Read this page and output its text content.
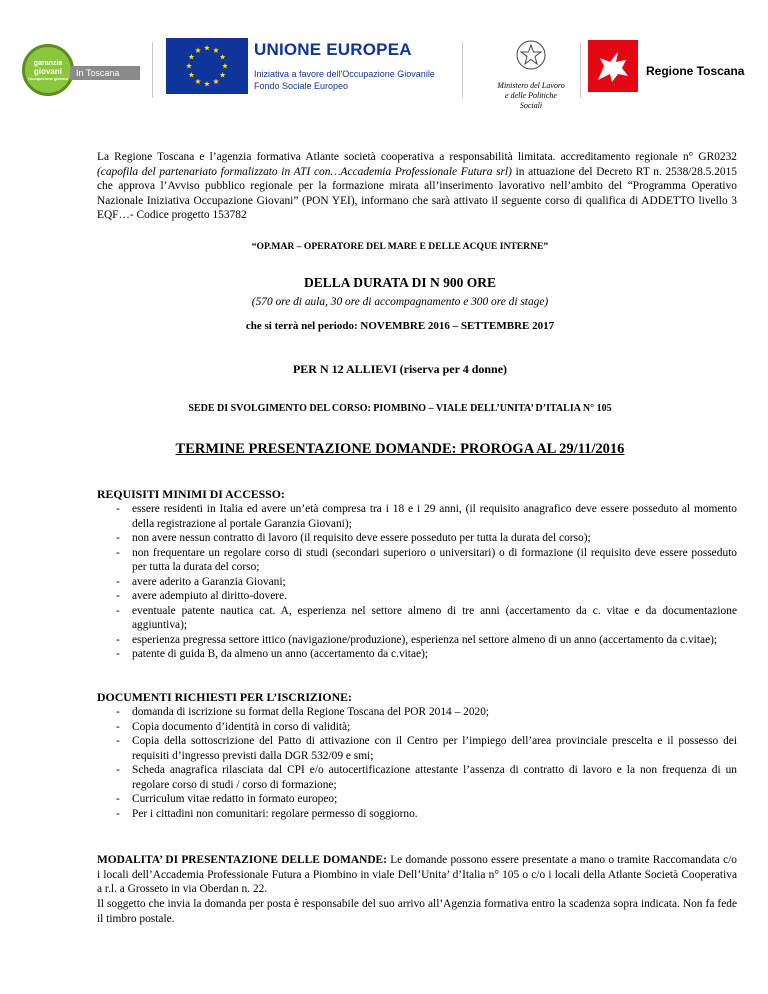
garanzia
giovani
Occupazione giovani In Toscana
UNIONE EUROPEA
Iniziativa a favore dell'Occupazione Giovanile
Fondo Sociale Europeo	Ministero del Lavoro
e delle Politiche Sociali
Regione Toscana
La Regione Toscana e l’agenzia formativa Atlante società cooperativa a responsabilità limitata. accreditamento regionale n° GR0232 (capofila del partenariato formalizzato in ATI con…Accademia Professionale Futura srl) in attuazione del Decreto RT n. 2538/28.5.2015 che approva l’Avviso pubblico regionale per la formazione mirata all’inserimento lavorativo nell’ambito del “Programma Operativo Nazionale Iniziativa Occupazione Giovani” (PON YEI), informano che sarà attivato il seguente corso di qualifica di ADDETTO livello 3 EQF…- Codice progetto 153782
“OP.MAR – OPERATORE DEL MARE E DELLE ACQUE INTERNE”
DELLA DURATA DI N 900 ORE
(570 ore di aula, 30 ore di accompagnamento e 300 ore di stage)
che si terrà nel periodo: NOVEMBRE 2016 – SETTEMBRE 2017
PER N 12 ALLIEVI (riserva per 4 donne)
SEDE DI SVOLGIMENTO DEL CORSO: PIOMBINO – VIALE DELL’UNITA’ D’ITALIA N° 105
TERMINE PRESENTAZIONE DOMANDE: PROROGA AL 29/11/2016
REQUISITI MINIMI DI ACCESSO:
- essere residenti in Italia ed avere un’età compresa tra i 18 e i 29 anni, (il requisito anagrafico deve essere posseduto al momento della registrazione al portale Garanzia Giovani);
- non avere nessun contratto di lavoro (il requisito deve essere posseduto per tutta la durata del corso);
- non frequentare un regolare corso di studi (secondari superioro o universitari) o di formazione (il requisito deve essere posseduto per tutta la durata del corso;
- avere aderito a Garanzia Giovani;
- avere adempiuto al diritto-dovere.
- eventuale patente nautica cat. A, esperienza nel settore almeno di tre anni (accertamento da c. vitae e da documentazione aggiuntiva);
- esperienza pregressa settore ittico (navigazione/produzione), esperienza nel settore almeno di un anno (accertamento da c.vitae);
- patente di guida B, da almeno un anno (accertamento da c.vitae);
DOCUMENTI RICHIESTI PER L’ISCRIZIONE:
- domanda di iscrizione su format della Regione Toscana del POR 2014 – 2020;
- Copia documento d’identità in corso di validità;
- Copia della sottoscrizione del Patto di attivazione con il Centro per l’impiego dell’area provinciale prescelta e il possesso dei requisiti d’ingresso previsti dalla DGR 532/09 e smi;
- Scheda anagrafica rilasciata dal CPI e/o autocertificazione attestante l’assenza di contratto di lavoro e la non frequenza di un regolare corso di studi / corso di formazione;
- Curriculum vitae redatto in formato europeo;
- Per i cittadini non comunitari: regolare permesso di soggiorno.
MODALITA’ DI PRESENTAZIONE DELLE DOMANDE: Le domande possono essere presentate a mano o tramite Raccomandata c/o i locali dell’Accademia Professionale Futura a Piombino in viale Dell’Unita’ d’Italia n° 105 o c/o i locali della Atlante Società Cooperativa a r.l. a Grosseto in via Oberdan n. 22.
Il soggetto che invia la domanda per posta è responsabile del suo arrivo all’Agenzia formativa entro la scadenza sopra indicata. Non fa fede il timbro postale.
